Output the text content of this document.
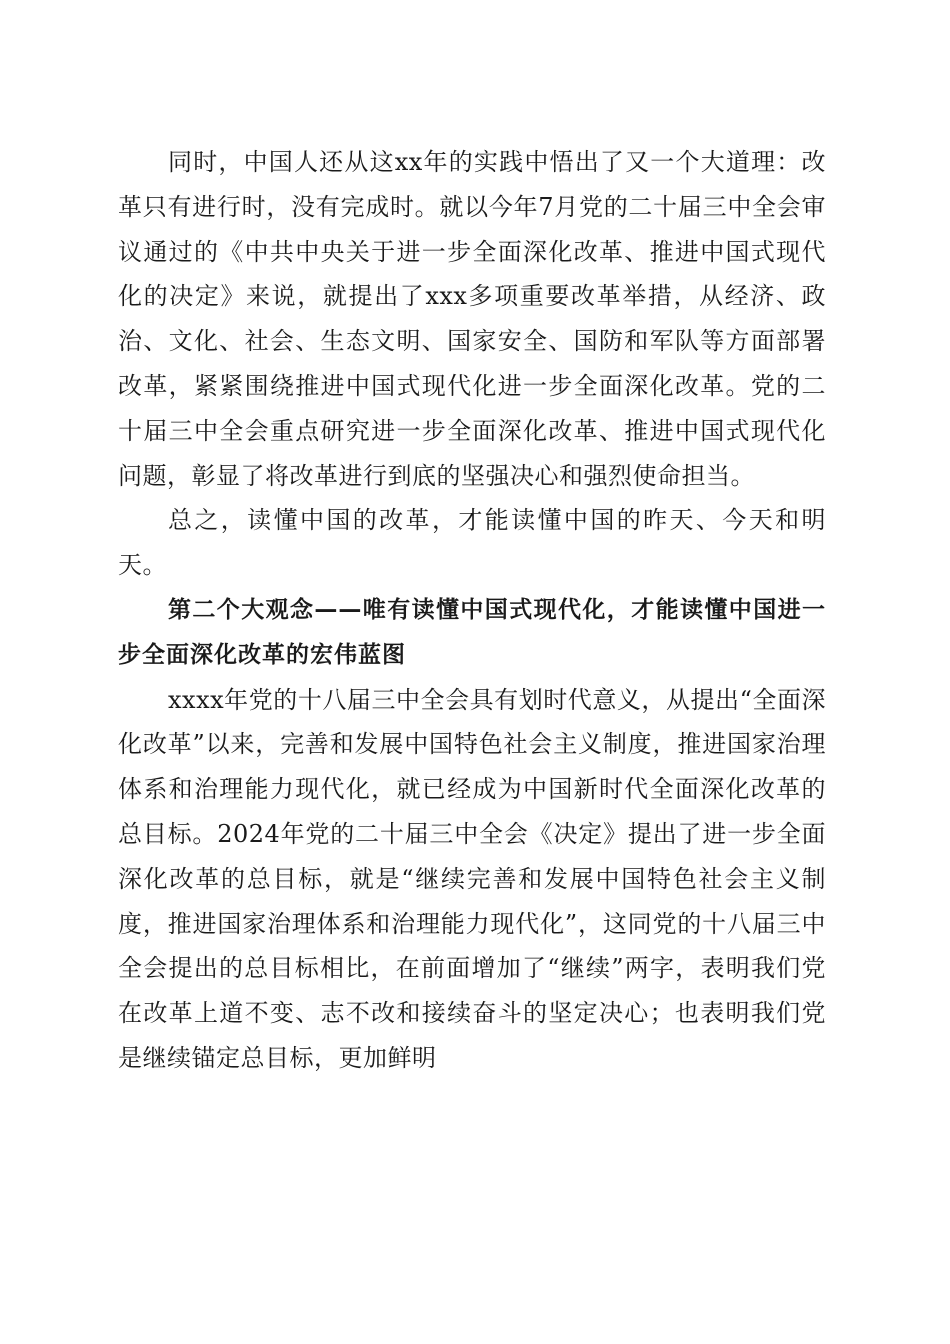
同时，中国人还从这xx年的实践中悟出了又一个大道理：改革只有进行时，没有完成时。就以今年7月党的二十届三中全会审议通过的《中共中央关于进一步全面深化改革、推进中国式现代化的决定》来说，就提出了xxx多项重要改革举措，从经济、政治、文化、社会、生态文明、国家安全、国防和军队等方面部署改革，紧紧围绕推进中国式现代化进一步全面深化改革。党的二十届三中全会重点研究进一步全面深化改革、推进中国式现代化问题，彰显了将改革进行到底的坚强决心和强烈使命担当。

总之，读懂中国的改革，才能读懂中国的昨天、今天和明天。

第二个大观念——唯有读懂中国式现代化，才能读懂中国进一步全面深化改革的宏伟蓝图

xxxx年党的十八届三中全会具有划时代意义，从提出“全面深化改革”以来，完善和发展中国特色社会主义制度，推进国家治理体系和治理能力现代化，就已经成为中国新时代全面深化改革的总目标。2024年党的二十届三中全会《决定》提出了进一步全面深化改革的总目标，就是“继续完善和发展中国特色社会主义制度，推进国家治理体系和治理能力现代化”，这同党的十八届三中全会提出的总目标相比，在前面增加了“继续”两字，表明我们党在改革上道不变、志不改和接续奋斗的坚定决心；也表明我们党是继续锚定总目标，更加鲜明
